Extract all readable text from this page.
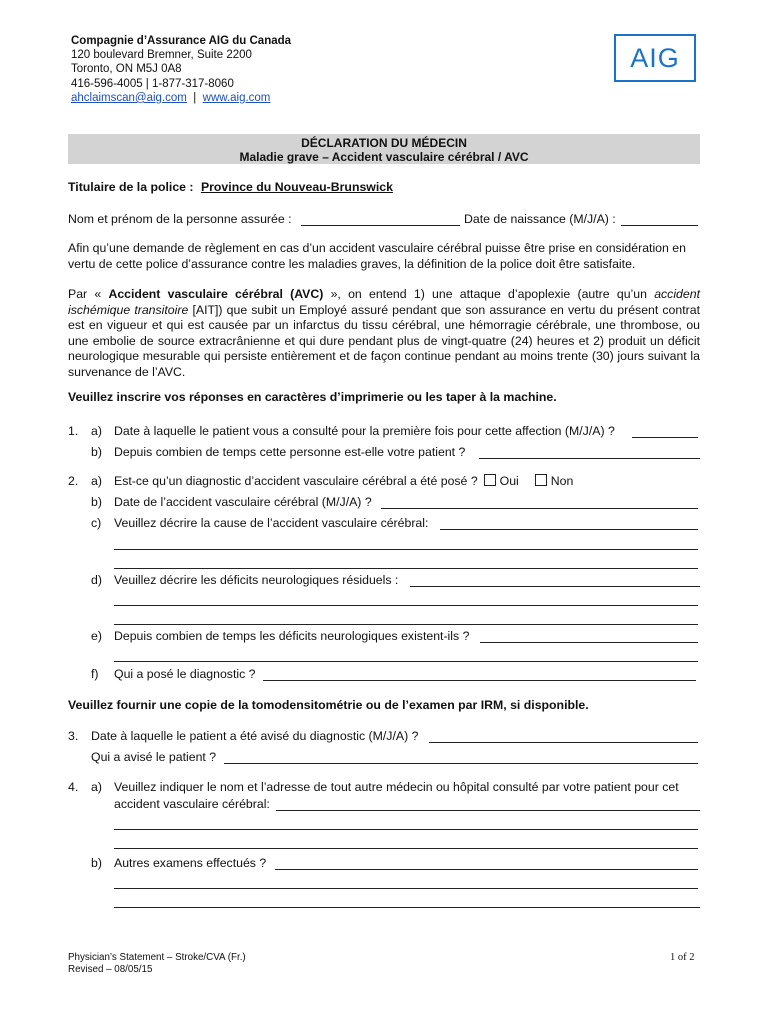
Compagnie d’Assurance AIG du Canada
120 boulevard Bremner, Suite 2200
Toronto, ON M5J 0A8
416-596-4005 | 1-877-317-8060
ahclaimscan@aig.com  |  www.aig.com
AIG
DÉCLARATION DU MÉDECIN
Maladie grave – Accident vasculaire cérébral / AVC
Titulaire de la police : Province du Nouveau-Brunswick
Nom et prénom de la personne assurée :	Date de naissance (M/J/A) :
Afin qu’une demande de règlement en cas d’un accident vasculaire cérébral puisse être prise en considération en vertu de cette police d’assurance contre les maladies graves, la définition de la police doit être satisfaite.
Par « Accident vasculaire cérébral (AVC) », on entend 1) une attaque d’apoplexie (autre qu’un accident ischémique transitoire [AIT]) que subit un Employé assuré pendant que son assurance en vertu du présent contrat est en vigueur et qui est causée par un infarctus du tissu cérébral, une hémorragie cérébrale, une thrombose, ou une embolie de source extracrânienne et qui dure pendant plus de vingt-quatre (24) heures et 2) produit un déficit neurologique mesurable qui persiste entièrement et de façon continue pendant au moins trente (30) jours suivant la survenance de l’AVC.
Veuillez inscrire vos réponses en caractères d’imprimerie ou les taper à la machine.
1. a) Date à laquelle le patient vous a consulté pour la première fois pour cette affection (M/J/A) ?
b) Depuis combien de temps cette personne est-elle votre patient ?
2. a) Est-ce qu’un diagnostic d’accident vasculaire cérébral a été posé ? Oui	Non
b) Date de l’accident vasculaire cérébral (M/J/A) ?
c) Veuillez décrire la cause de l’accident vasculaire cérébral:
d) Veuillez décrire les déficits neurologiques résiduels :
e) Depuis combien de temps les déficits neurologiques existent-ils ?
f) Qui a posé le diagnostic ?
Veuillez fournir une copie de la tomodensitométrie ou de l’examen par IRM, si disponible.
3. Date à laquelle le patient a été avisé du diagnostic (M/J/A) ?
Qui a avisé le patient ?
4. a) Veuillez indiquer le nom et l’adresse de tout autre médecin ou hôpital consulté par votre patient pour cet
accident vasculaire cérébral:
b) Autres examens effectués ?
Physician’s Statement – Stroke/CVA (Fr.)
Revised – 08/05/15
1 of 2
